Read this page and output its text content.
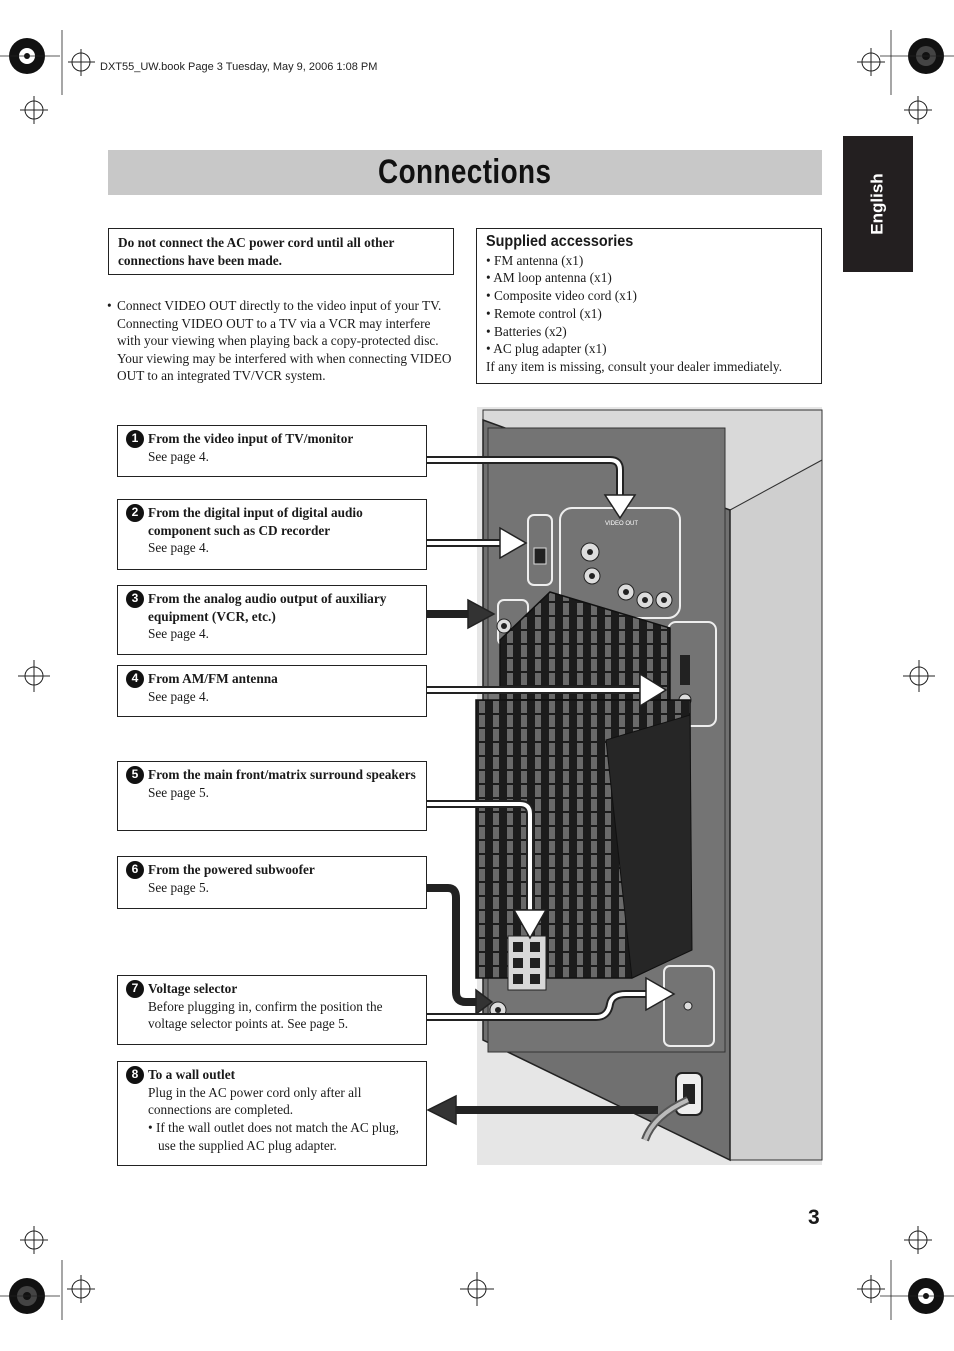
VIDEO OUT
DXT55_UW.book Page 3 Tuesday, May 9, 2006 1:08 PM
Connections
English
Do not connect the AC power cord until all other connections have been made.
• Connect VIDEO OUT directly to the video input of your TV. Connecting VIDEO OUT to a TV via a VCR may interfere with your viewing when playing back a copy-protected disc. Your viewing may be interfered with when connecting VIDEO OUT to an integrated TV/VCR system.
Supplied accessories
• FM antenna (x1)
• AM loop antenna (x1)
• Composite video cord (x1)
• Remote control (x1)
• Batteries (x2)
• AC plug adapter (x1)
If any item is missing, consult your dealer immediately.
1 From the video input of TV/monitor
See page 4.
2 From the digital input of digital audio component such as CD recorder
See page 4.
3 From the analog audio output of auxiliary equipment (VCR, etc.)
See page 4.
4 From AM/FM antenna
See page 4.
5 From the main front/matrix surround speakers
See page 5.
6 From the powered subwoofer
See page 5.
7 Voltage selector
Before plugging in, confirm the position the voltage selector points at. See page 5.
8 To a wall outlet
Plug in the AC power cord only after all connections are completed.
• If the wall outlet does not match the AC plug, use the supplied AC plug adapter.
3
